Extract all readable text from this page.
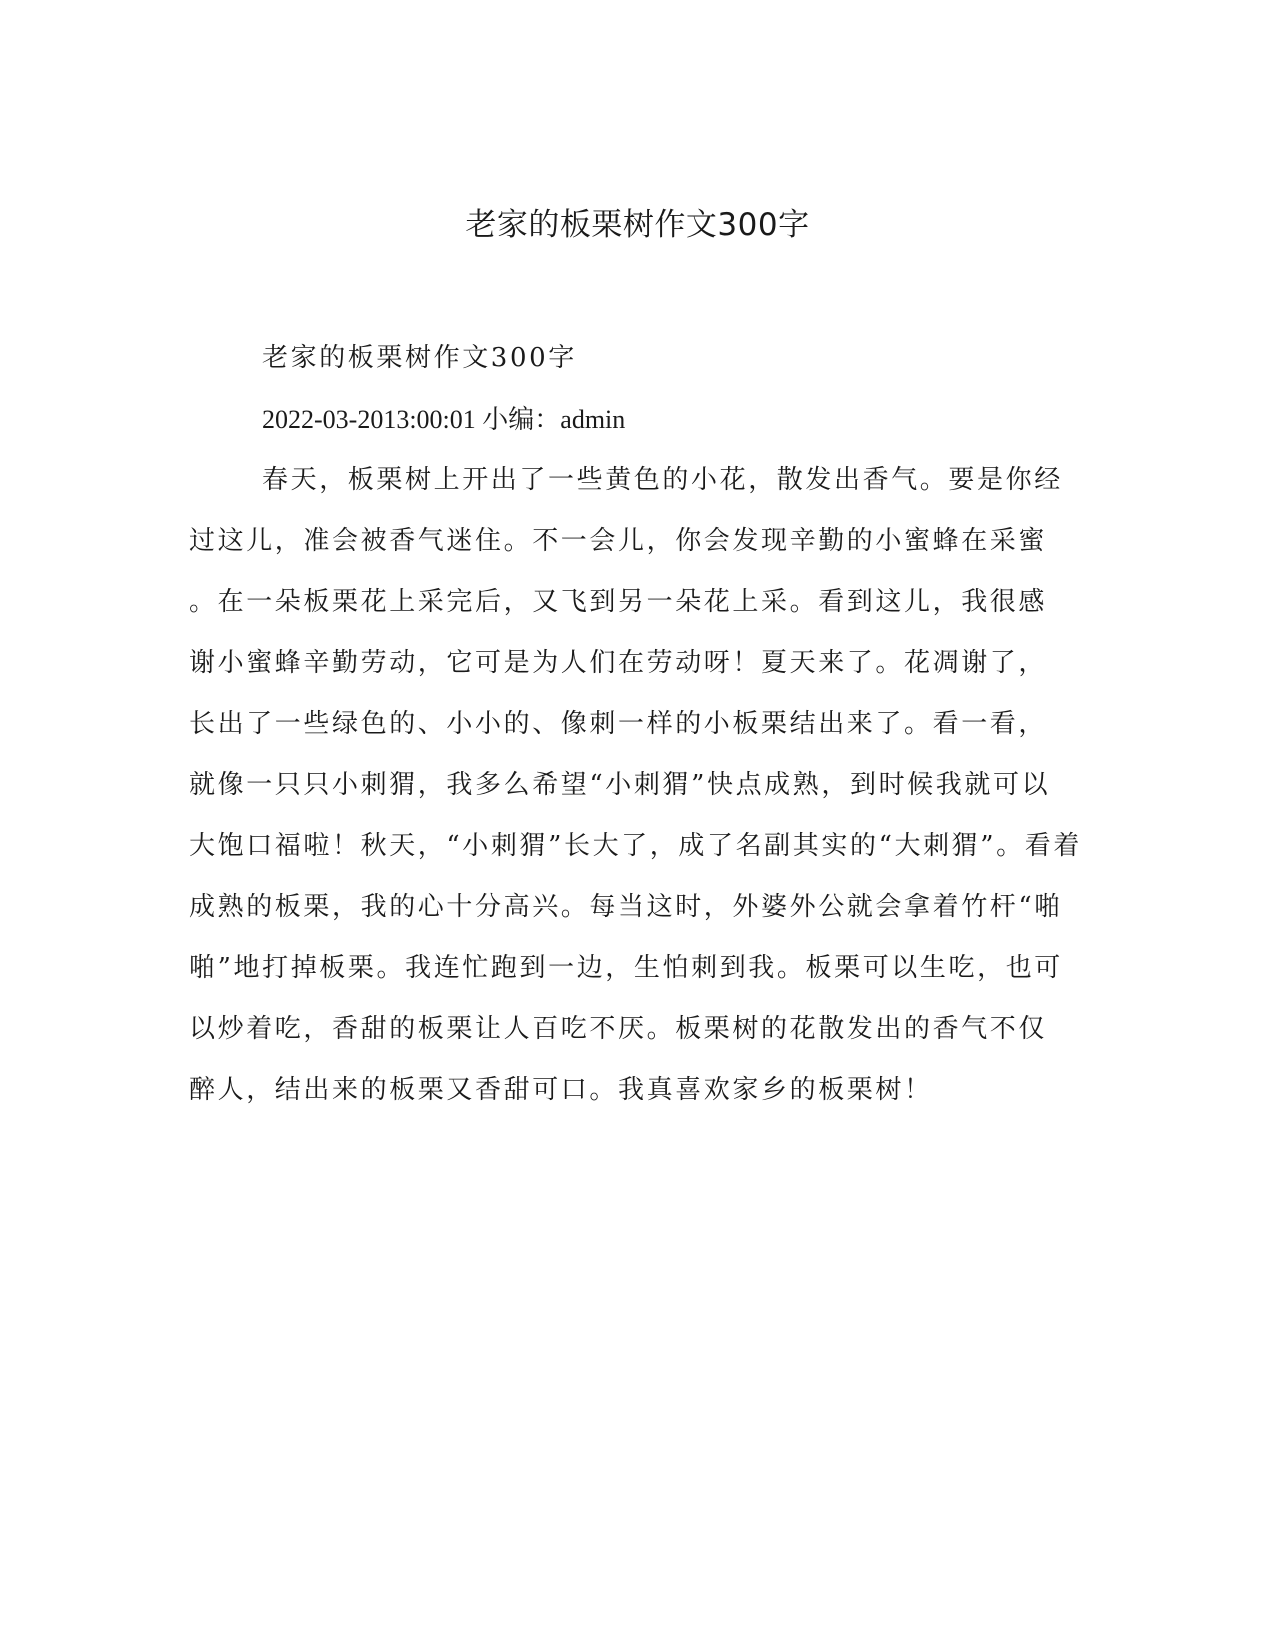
老家的板栗树作文300字
老家的板栗树作文300字
2022-03-2013:00:01 小编：admin
春天，板栗树上开出了一些黄色的小花，散发出香气。要是你经
过这儿，准会被香气迷住。不一会儿，你会发现辛勤的小蜜蜂在采蜜
。在一朵板栗花上采完后，又飞到另一朵花上采。看到这儿，我很感
谢小蜜蜂辛勤劳动，它可是为人们在劳动呀！夏天来了。花凋谢了，
长出了一些绿色的、小小的、像刺一样的小板栗结出来了。看一看，
就像一只只小刺猬，我多么希望“小刺猬”快点成熟，到时候我就可以
大饱口福啦！秋天，“小刺猬”长大了，成了名副其实的“大刺猬”。看着
成熟的板栗，我的心十分高兴。每当这时，外婆外公就会拿着竹杆“啪
啪”地打掉板栗。我连忙跑到一边，生怕刺到我。板栗可以生吃，也可
以炒着吃，香甜的板栗让人百吃不厌。板栗树的花散发出的香气不仅
醉人，结出来的板栗又香甜可口。我真喜欢家乡的板栗树！
